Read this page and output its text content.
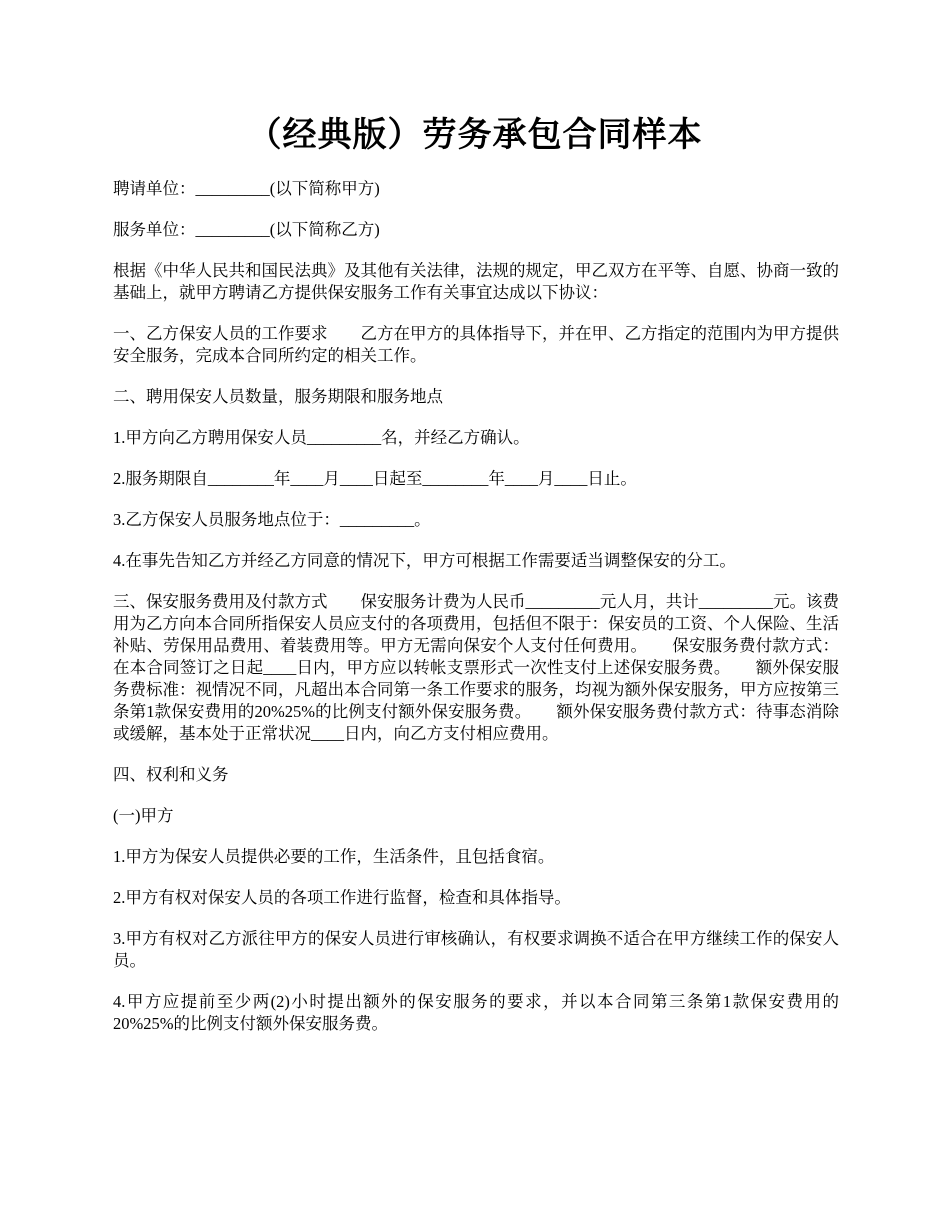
（经典版）劳务承包合同样本

聘请单位：_________(以下简称甲方)

服务单位：_________(以下简称乙方)

根据《中华人民共和国民法典》及其他有关法律，法规的规定，甲乙双方在平等、自愿、协商一致的基础上，就甲方聘请乙方提供保安服务工作有关事宜达成以下协议：

一、乙方保安人员的工作要求　　乙方在甲方的具体指导下，并在甲、乙方指定的范围内为甲方提供安全服务，完成本合同所约定的相关工作。

二、聘用保安人员数量，服务期限和服务地点

1.甲方向乙方聘用保安人员_________名，并经乙方确认。

2.服务期限自________年____月____日起至________年____月____日止。

3.乙方保安人员服务地点位于：_________。

4.在事先告知乙方并经乙方同意的情况下，甲方可根据工作需要适当调整保安的分工。

三、保安服务费用及付款方式　　保安服务计费为人民币_________元人月，共计_________元。该费用为乙方向本合同所指保安人员应支付的各项费用，包括但不限于：保安员的工资、个人保险、生活补贴、劳保用品费用、着装费用等。甲方无需向保安个人支付任何费用。　　保安服务费付款方式：在本合同签订之日起____日内，甲方应以转帐支票形式一次性支付上述保安服务费。　　额外保安服务费标准：视情况不同，凡超出本合同第一条工作要求的服务，均视为额外保安服务，甲方应按第三条第1款保安费用的20%25%的比例支付额外保安服务费。　　额外保安服务费付款方式：待事态消除或缓解，基本处于正常状况____日内，向乙方支付相应费用。

四、权利和义务

(一)甲方

1.甲方为保安人员提供必要的工作，生活条件，且包括食宿。

2.甲方有权对保安人员的各项工作进行监督，检查和具体指导。

3.甲方有权对乙方派往甲方的保安人员进行审核确认，有权要求调换不适合在甲方继续工作的保安人员。

4.甲方应提前至少两(2)小时提出额外的保安服务的要求，并以本合同第三条第1款保安费用的20%25%的比例支付额外保安服务费。
